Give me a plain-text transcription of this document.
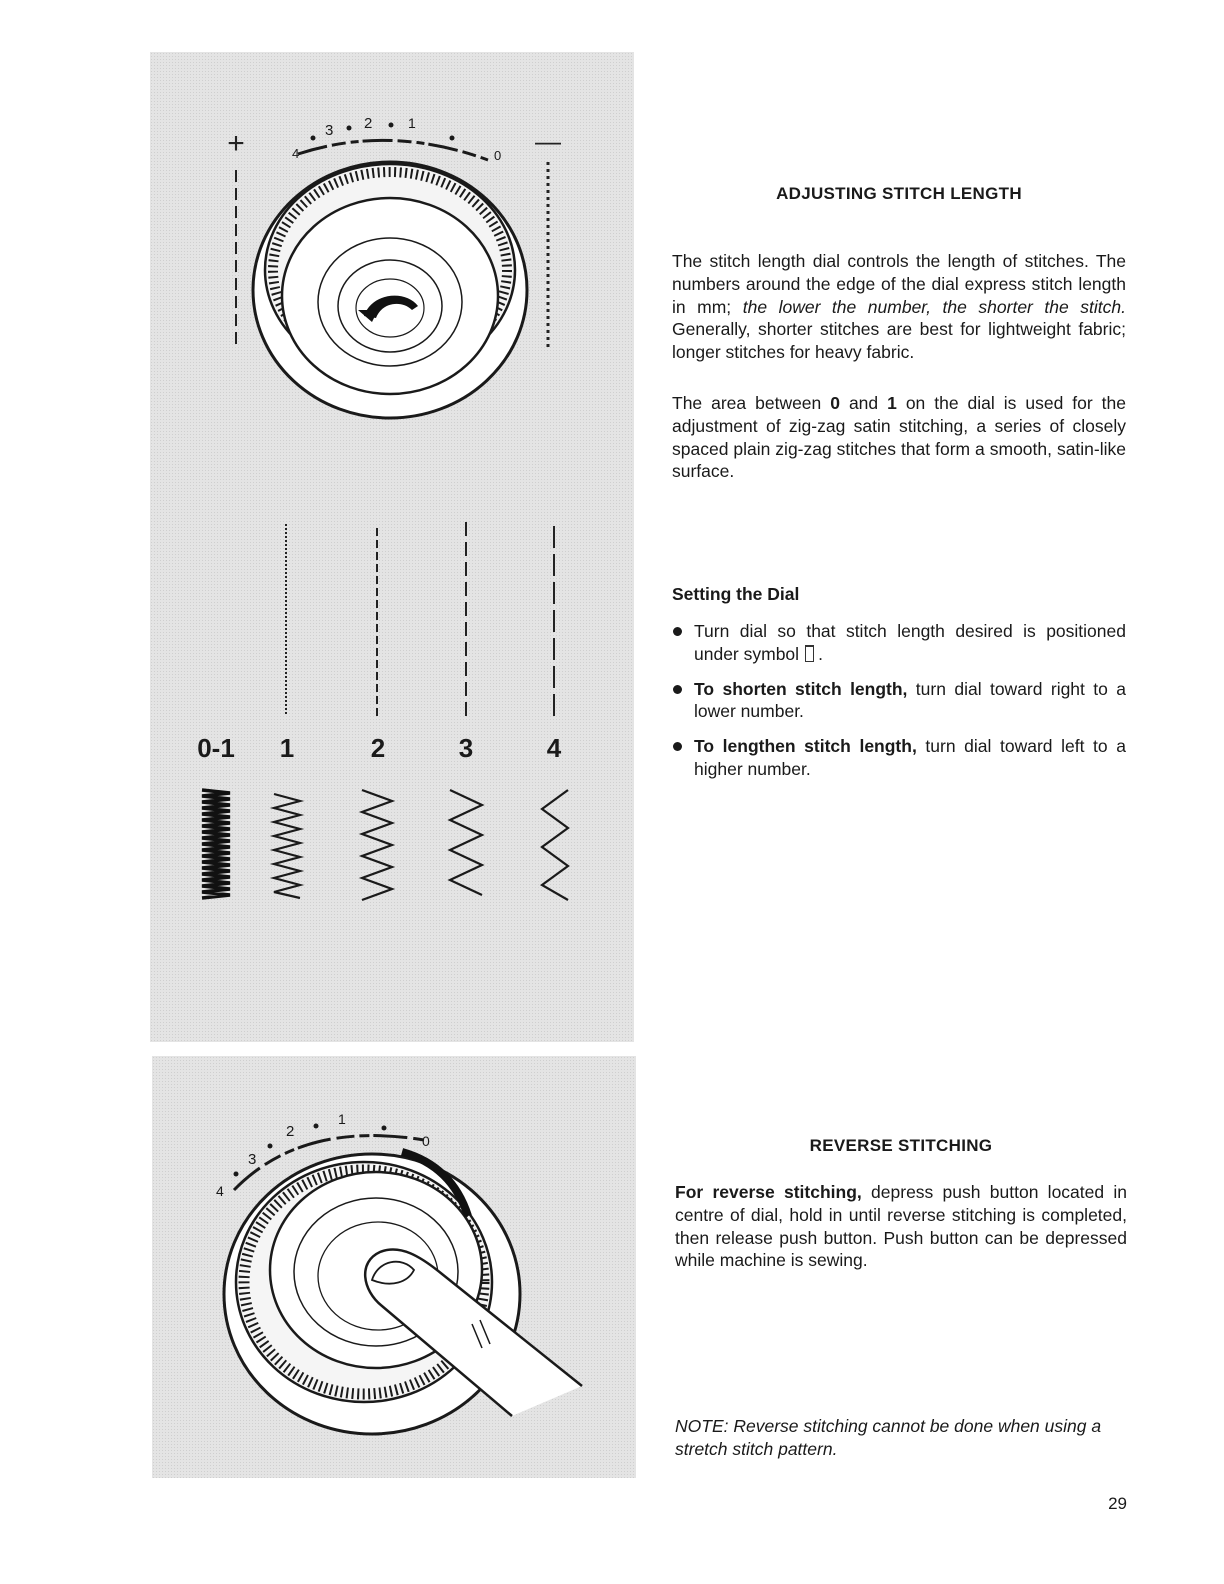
+	—
4
3 2	1
0
0-1 1	2	3	4
4
3
2
1
0
ADJUSTING STITCH LENGTH

The stitch length dial controls the length of stitches. The numbers around the edge of the dial express stitch length in mm; the lower the number, the shorter the stitch. Generally, shorter stitches are best for lightweight fabric; longer stitches for heavy fabric.

The area between 0 and 1 on the dial is used for the adjustment of zig-zag satin stitching, a series of closely spaced plain zig-zag stitches that form a smooth, satin-like surface.

Setting the Dial
Turn dial so that stitch length desired is positioned under symbol .
To shorten stitch length, turn dial toward right to a lower number.
To lengthen stitch length, turn dial toward left to a higher number.
REVERSE STITCHING

For reverse stitching, depress push button located in centre of dial, hold in until reverse stitching is completed, then release push button. Push button can be depressed while machine is sewing.

NOTE: Reverse stitching cannot be done when using a stretch stitch pattern.

29
